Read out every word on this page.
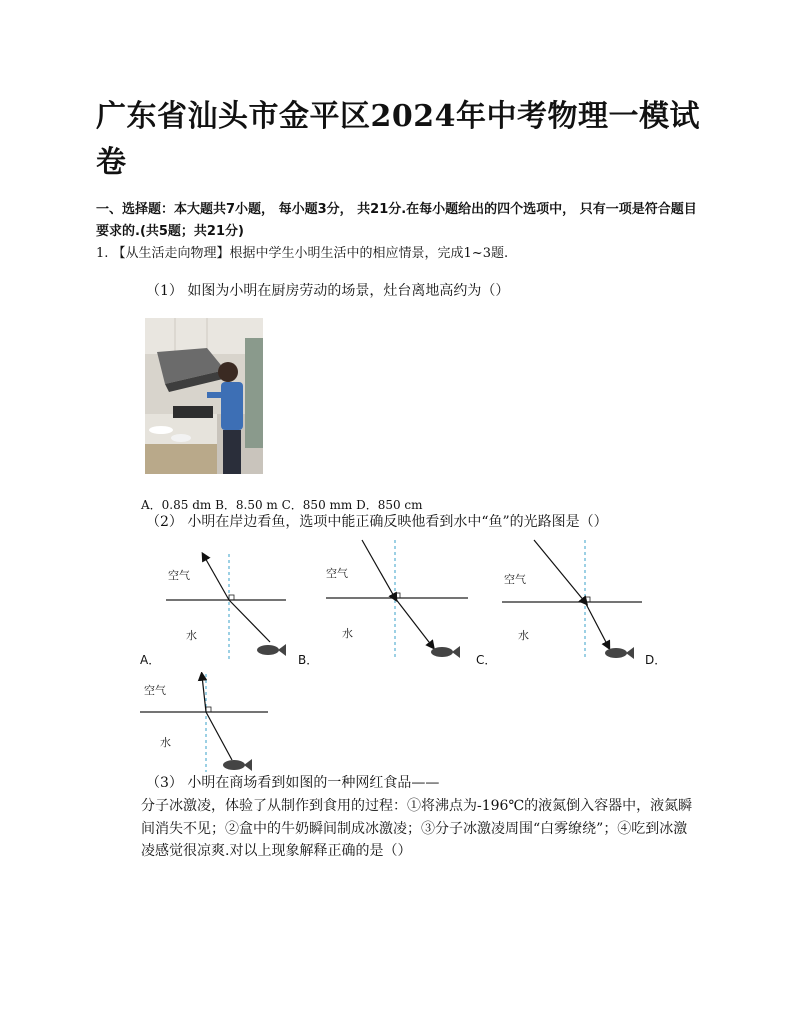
广东省汕头市金平区2024年中考物理一模试卷
一、选择题：本大题共7小题， 每小题3分， 共21分.在每小题给出的四个选项中， 只有一项是符合题目要求的.(共5题；共21分)
1. 【从生活走向物理】根据中学生小明生活中的相应情景，完成1~3题.
（1） 如图为小明在厨房劳动的场景，灶台离地高约为（）
A．0.85 dm B．8.50 m C．850 mm D．850 cm
（2） 小明在岸边看鱼，选项中能正确反映他看到水中“鱼”的光路图是（）
空气
水
A．
空气
水
B．
空气
水
C．	D．
空气
水
（3） 小明在商场看到如图的一种网红食品——
分子冰激凌，体验了从制作到食用的过程：①将沸点为-196℃的液氮倒入容器中，液氮瞬间消失不见；②盒中的牛奶瞬间制成冰激凌；③分子冰激凌周围“白雾缭绕”；④吃到冰激凌感觉很凉爽.对以上现象解释正确的是（）
